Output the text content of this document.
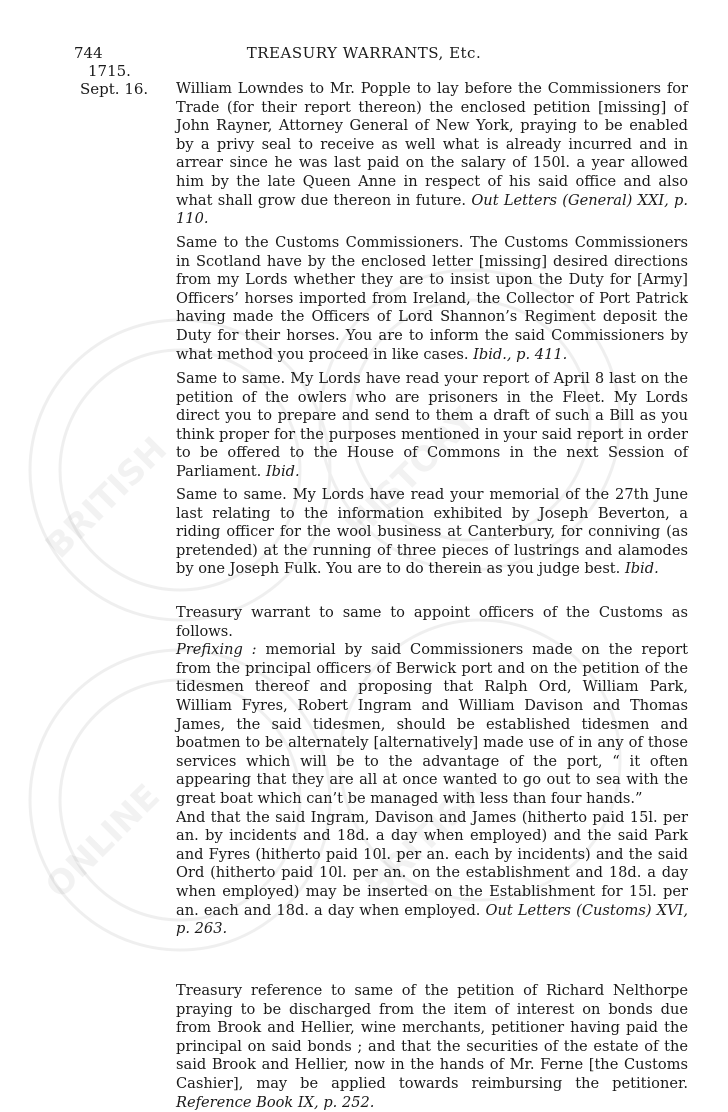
BRITISH	HISTORY
ONLINE	BRITISH
744	TREASURY WARRANTS, Etc.
1715.
Sept. 16. William Lowndes to Mr. Popple to lay before the Commissioners for Trade (for their report thereon) the enclosed petition [missing] of John Rayner, Attorney General of New York, praying to be enabled by a privy seal to receive as well what is already incurred and in arrear since he was last paid on the salary of 150l. a year allowed him by the late Queen Anne in respect of his said office and also what shall grow due thereon in future. Out Letters (General) XXI, p. 110.

Same to the Customs Commissioners. The Customs Commissioners in Scotland have by the enclosed letter [missing] desired directions from my Lords whether they are to insist upon the Duty for [Army] Officers’ horses imported from Ireland, the Collector of Port Patrick having made the Officers of Lord Shannon’s Regiment deposit the Duty for their horses. You are to inform the said Commissioners by what method you proceed in like cases. Ibid., p. 411.

Same to same. My Lords have read your report of April 8 last on the petition of the owlers who are prisoners in the Fleet. My Lords direct you to prepare and send to them a draft of such a Bill as you think proper for the purposes mentioned in your said report in order to be offered to the House of Commons in the next Session of Parliament. Ibid.

Same to same. My Lords have read your memorial of the 27th June last relating to the information exhibited by Joseph Beverton, a riding officer for the wool business at Canterbury, for conniving (as pretended) at the running of three pieces of lustrings and alamodes by one Joseph Fulk. You are to do therein as you judge best. Ibid.

Treasury warrant to same to appoint officers of the Customs as follows.
Prefixing : memorial by said Commissioners made on the report from the principal officers of Berwick port and on the petition of the tidesmen thereof and proposing that Ralph Ord, William Park, William Fyres, Robert Ingram and William Davison and Thomas James, the said tidesmen, should be established tidesmen and boatmen to be alternately [alternatively] made use of in any of those services which will be to the advantage of the port, “ it often appearing that they are all at once wanted to go out to sea with the great boat which can’t be managed with less than four hands.”
And that the said Ingram, Davison and James (hitherto paid 15l. per an. by incidents and 18d. a day when employed) and the said Park and Fyres (hitherto paid 10l. per an. each by incidents) and the said Ord (hitherto paid 10l. per an. on the establishment and 18d. a day when employed) may be inserted on the Establishment for 15l. per an. each and 18d. a day when employed. Out Letters (Customs) XVI, p. 263.

Treasury reference to same of the petition of Richard Nelthorpe praying to be discharged from the item of interest on bonds due from Brook and Hellier, wine merchants, petitioner having paid the principal on said bonds ; and that the securities of the estate of the said Brook and Hellier, now in the hands of Mr. Ferne [the Customs Cashier], may be applied towards reimbursing the petitioner. Reference Book IX, p. 252.
